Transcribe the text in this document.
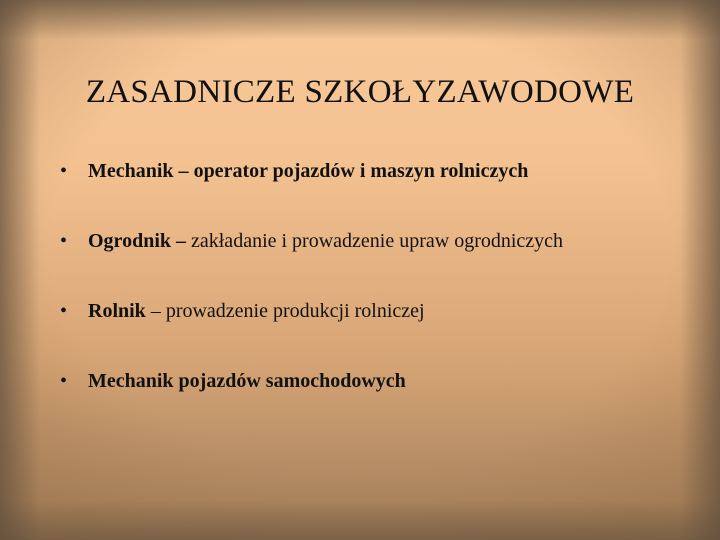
ZASADNICZE SZKOŁYZAWODOWE
• Mechanik – operator pojazdów i maszyn rolniczych
• Ogrodnik – zakładanie i prowadzenie upraw ogrodniczych
• Rolnik – prowadzenie produkcji rolniczej
• Mechanik pojazdów samochodowych
